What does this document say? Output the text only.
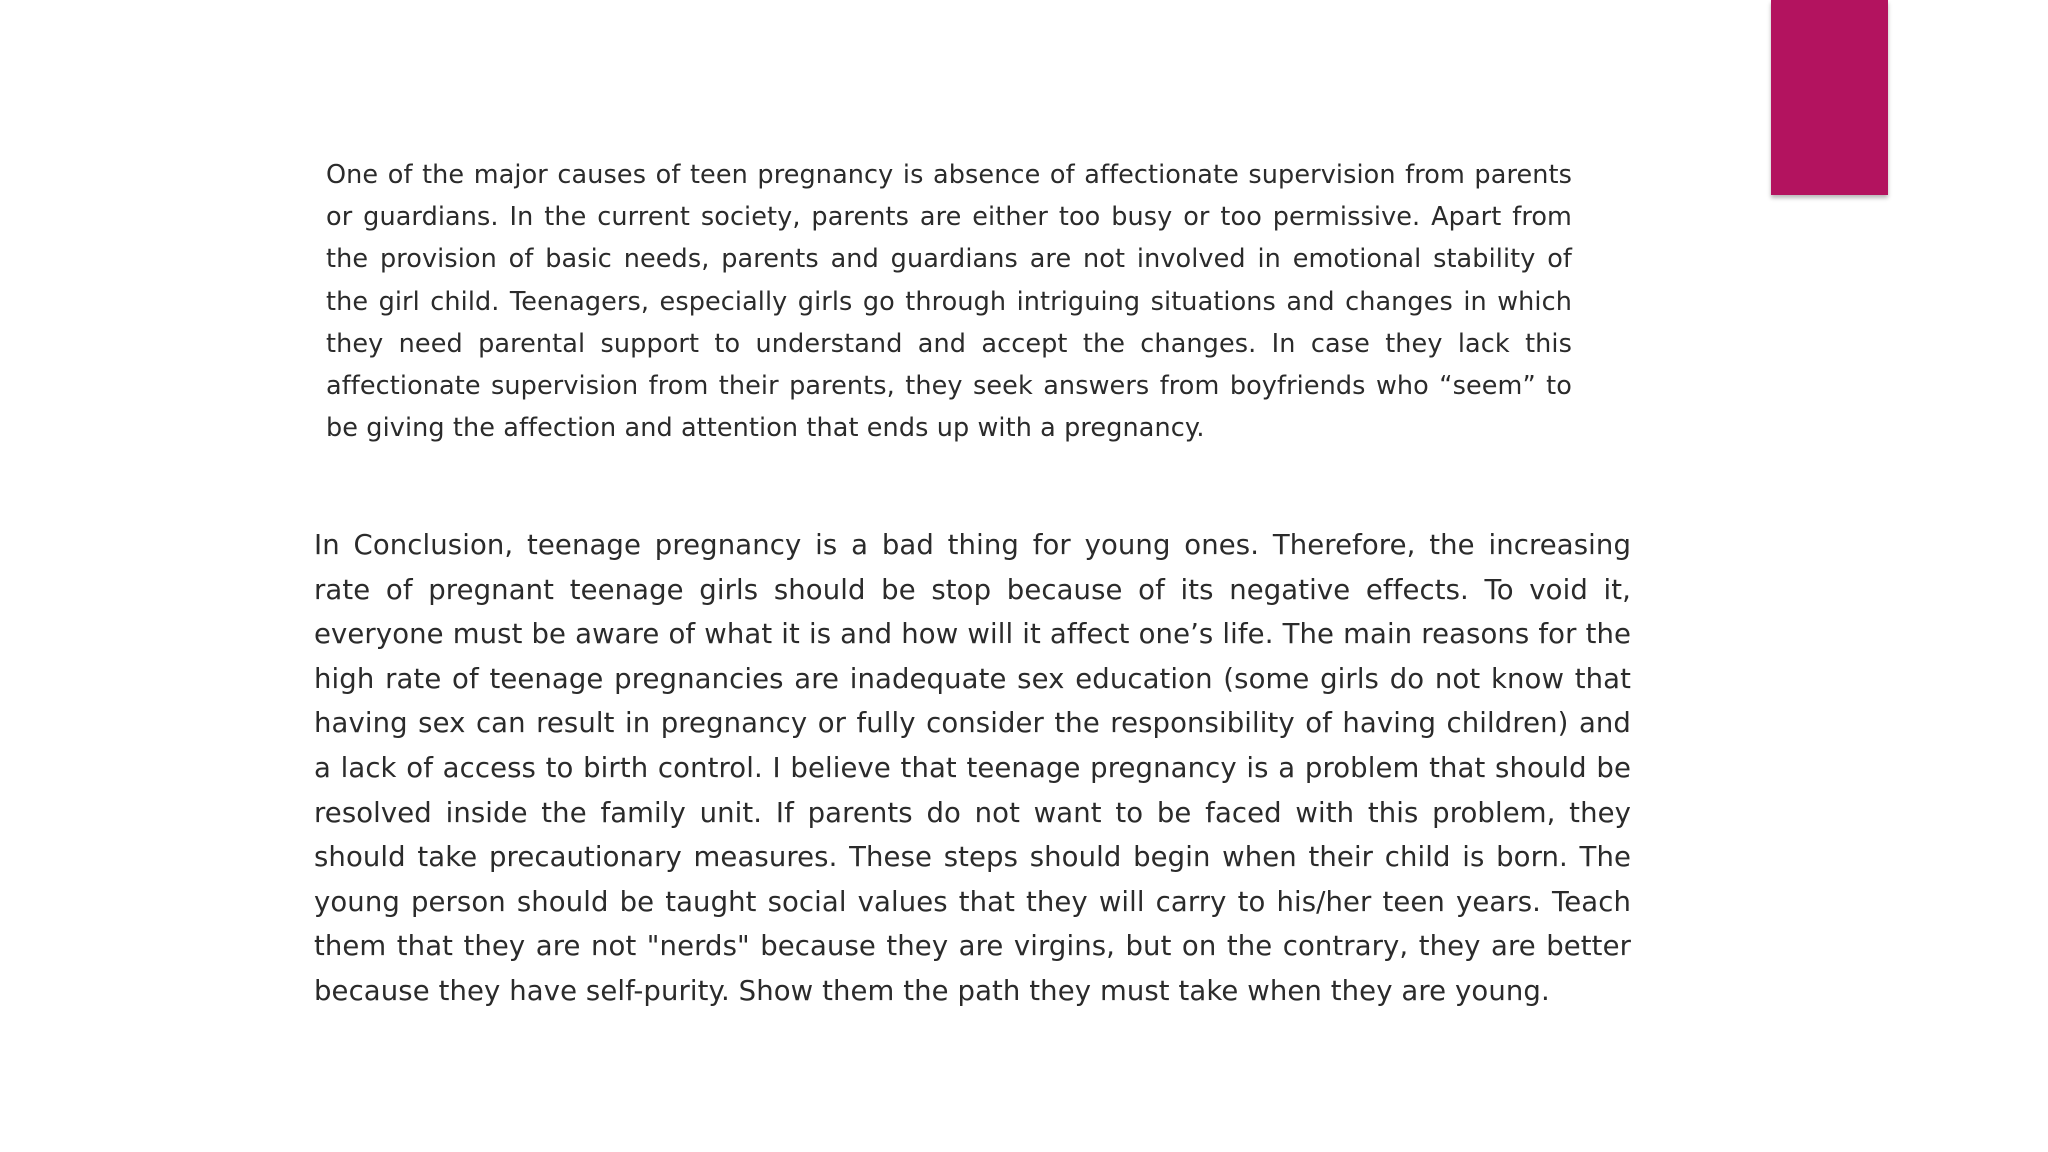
One of the major causes of teen pregnancy is absence of affectionate supervision from parents or guardians. In the current society, parents are either too busy or too permissive. Apart from the provision of basic needs, parents and guardians are not involved in emotional stability of the girl child. Teenagers, especially girls go through intriguing situations and changes in which they need parental support to understand and accept the changes. In case they lack this affectionate supervision from their parents, they seek answers from boyfriends who “seem” to be giving the affection and attention that ends up with a pregnancy.

In Conclusion, teenage pregnancy is a bad thing for young ones. Therefore, the increasing rate of pregnant teenage girls should be stop because of its negative effects. To void it, everyone must be aware of what it is and how will it affect one’s life. The main reasons for the high rate of teenage pregnancies are inadequate sex education (some girls do not know that having sex can result in pregnancy or fully consider the responsibility of having children) and a lack of access to birth control. I believe that teenage pregnancy is a problem that should be resolved inside the family unit. If parents do not want to be faced with this problem, they should take precautionary measures. These steps should begin when their child is born. The young person should be taught social values that they will carry to his/her teen years. Teach them that they are not "nerds" because they are virgins, but on the contrary, they are better because they have self-purity. Show them the path they must take when they are young.
